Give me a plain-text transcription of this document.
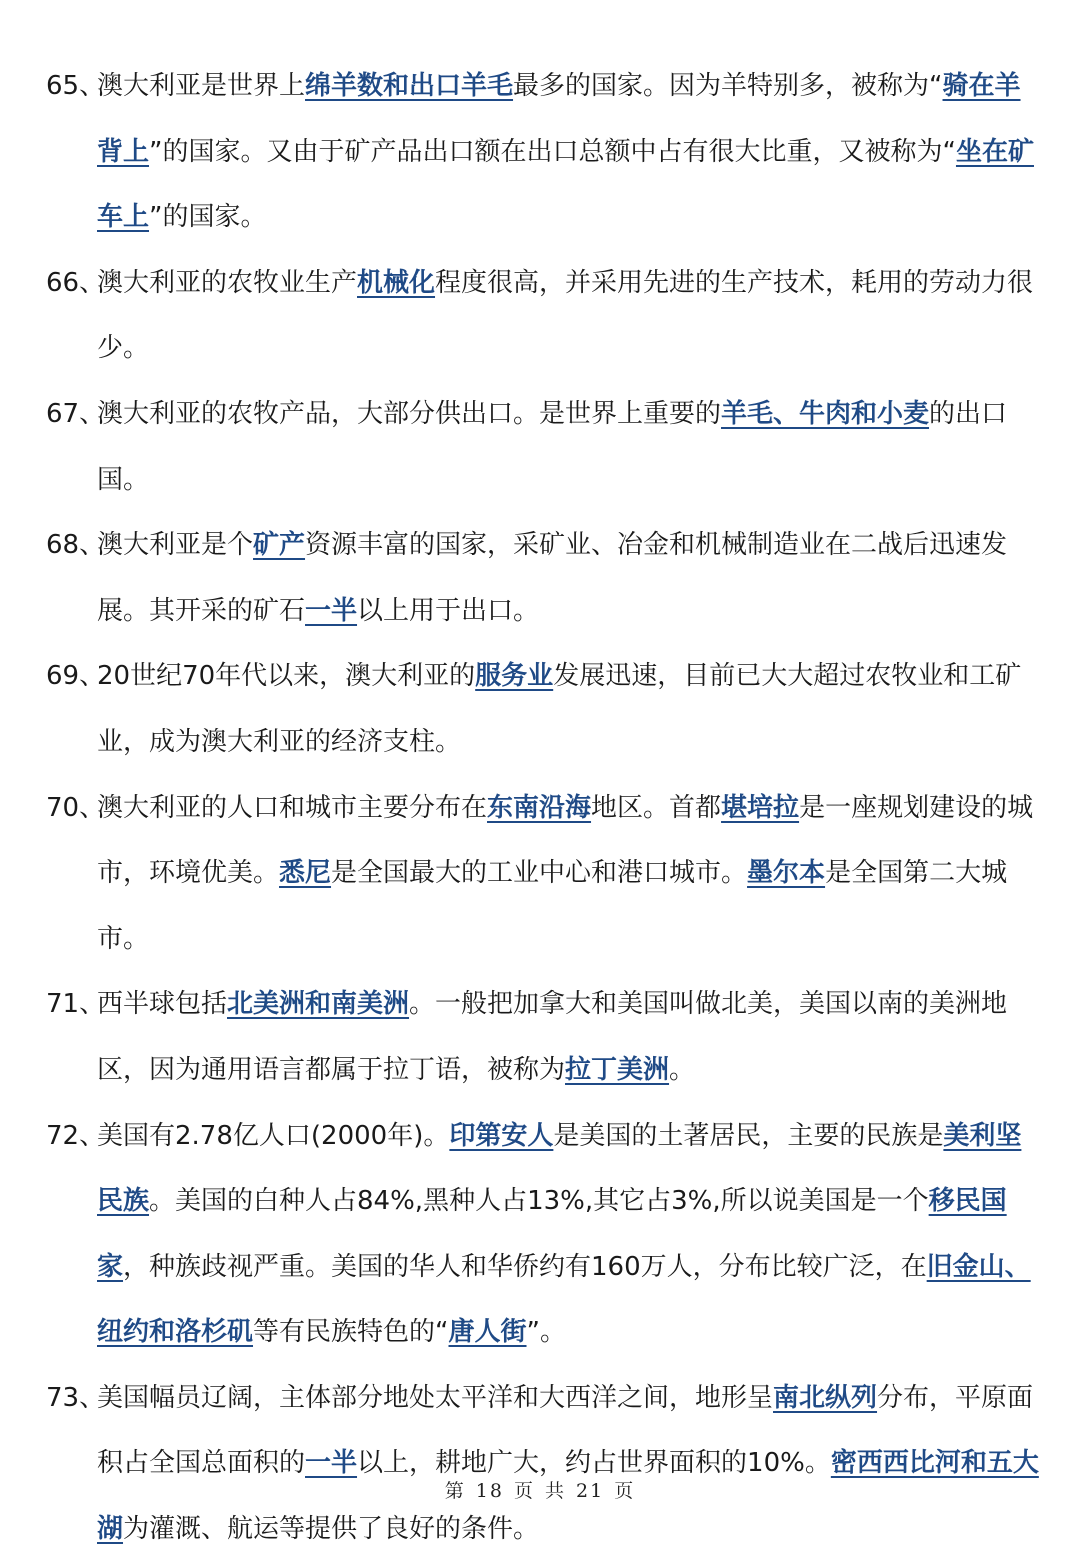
65、
澳大利亚是世界上绵羊数和出口羊毛最多的国家。因为羊特别多，被称为“骑在羊背上”的国家。又由于矿产品出口额在出口总额中占有很大比重，又被称为“坐在矿车上”的国家。

66、
澳大利亚的农牧业生产机械化程度很高，并采用先进的生产技术，耗用的劳动力很少。

67、
澳大利亚的农牧产品，大部分供出口。是世界上重要的羊毛、牛肉和小麦的出口国。

68、
澳大利亚是个矿产资源丰富的国家，采矿业、冶金和机械制造业在二战后迅速发展。其开采的矿石一半以上用于出口。

69、
20世纪70年代以来，澳大利亚的服务业发展迅速，目前已大大超过农牧业和工矿业，成为澳大利亚的经济支柱。

70、
澳大利亚的人口和城市主要分布在东南沿海地区。首都堪培拉是一座规划建设的城市，环境优美。悉尼是全国最大的工业中心和港口城市。墨尔本是全国第二大城市。

71、
西半球包括北美洲和南美洲。一般把加拿大和美国叫做北美，美国以南的美洲地区，因为通用语言都属于拉丁语，被称为拉丁美洲。

72、
美国有2.78亿人口(2000年)。印第安人是美国的土著居民，主要的民族是美利坚民族。美国的白种人占84%,黑种人占13%,其它占3%,所以说美国是一个移民国家，种族歧视严重。美国的华人和华侨约有160万人，分布比较广泛，在旧金山、纽约和洛杉矶等有民族特色的“唐人街”。

73、
美国幅员辽阔，主体部分地处太平洋和大西洋之间，地形呈南北纵列分布，平原面积占全国总面积的一半以上，耕地广大，约占世界面积的10%。密西西比河和五大湖为灌溉、航运等提供了良好的条件。

第 18 页 共 21 页
